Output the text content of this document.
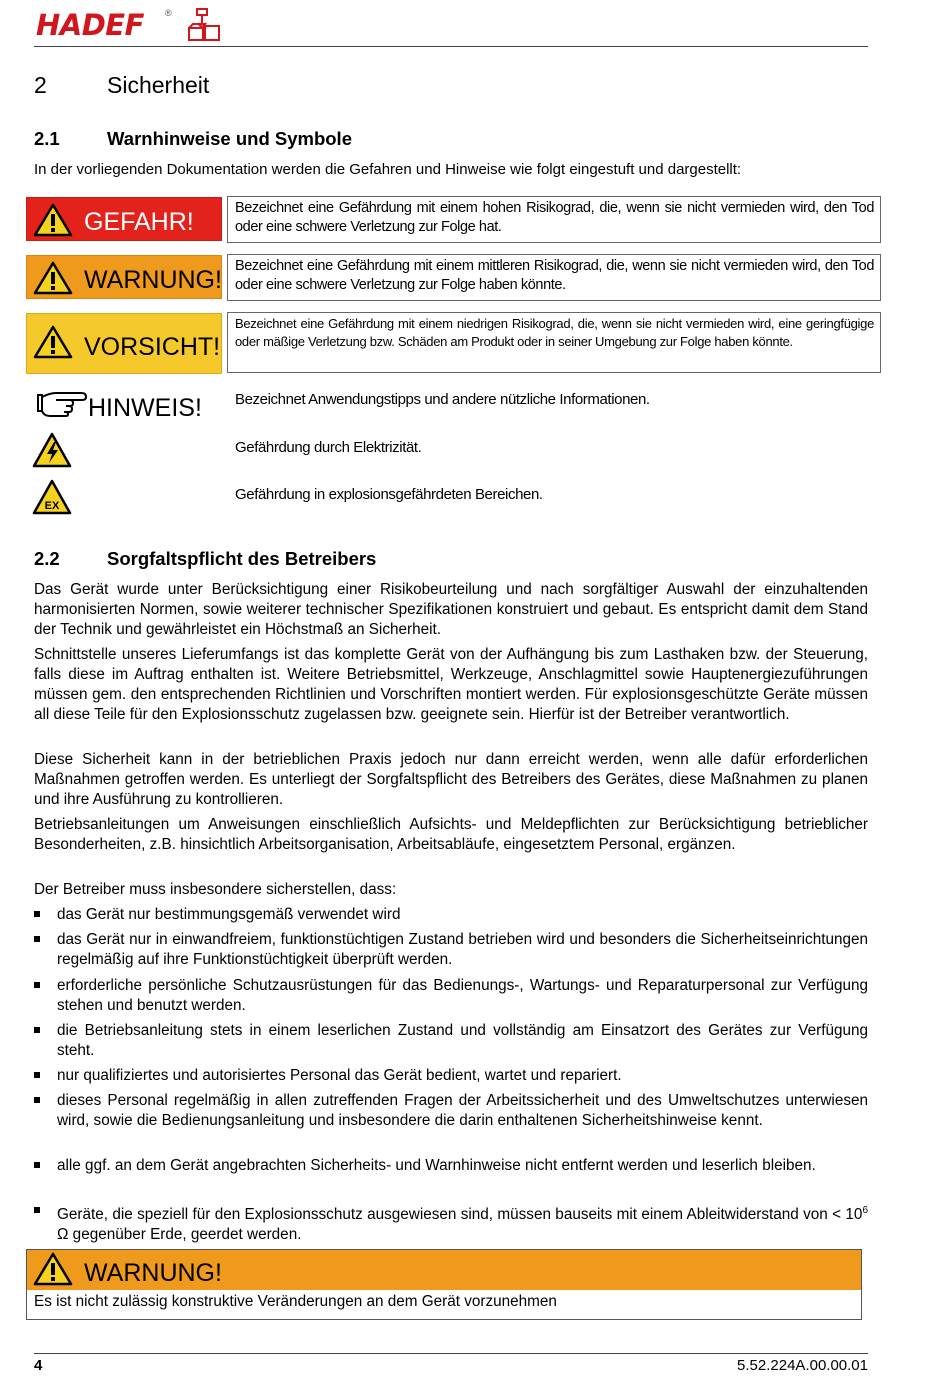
HADEF ®
2	Sicherheit
2.1	Warnhinweise und Symbole
In der vorliegenden Dokumentation werden die Gefahren und Hinweise wie folgt eingestuft und dargestellt:
GEFAHR!	Bezeichnet eine Gefährdung mit einem hohen Risikograd, die, wenn sie nicht vermieden wird, den Tod oder eine schwere Verletzung zur Folge hat.
WARNUNG! Bezeichnet eine Gefährdung mit einem mittleren Risikograd, die, wenn sie nicht vermieden wird, den Tod oder eine schwere Verletzung zur Folge haben könnte.
VORSICHT!
Bezeichnet eine Gefährdung mit einem niedrigen Risikograd, die, wenn sie nicht vermieden wird, eine geringfügige oder mäßige Verletzung bzw. Schäden am Produkt oder in seiner Umgebung zur Folge haben könnte.
HINWEIS! Bezeichnet Anwendungstipps und andere nützliche Informationen.
Gefährdung durch Elektrizität.
EX
Gefährdung in explosionsgefährdeten Bereichen.
2.2	Sorgfaltspflicht des Betreibers
Das Gerät wurde unter Berücksichtigung einer Risikobeurteilung und nach sorgfältiger Auswahl der einzuhaltenden harmonisierten Normen, sowie weiterer technischer Spezifikationen konstruiert und gebaut. Es entspricht damit dem Stand der Technik und gewährleistet ein Höchstmaß an Sicherheit.
Schnittstelle unseres Lieferumfangs ist das komplette Gerät von der Aufhängung bis zum Lasthaken bzw. der Steuerung, falls diese im Auftrag enthalten ist. Weitere Betriebsmittel, Werkzeuge, Anschlagmittel sowie Hauptenergiezuführungen müssen gem. den entsprechenden Richtlinien und Vorschriften montiert werden. Für explosionsgeschützte Geräte müssen all diese Teile für den Explosionsschutz zugelassen bzw. geeignete sein. Hierfür ist der Betreiber verantwortlich.
Diese Sicherheit kann in der betrieblichen Praxis jedoch nur dann erreicht werden, wenn alle dafür erforderlichen Maßnahmen getroffen werden. Es unterliegt der Sorgfaltspflicht des Betreibers des Gerätes, diese Maßnahmen zu planen und ihre Ausführung zu kontrollieren.
Betriebsanleitungen um Anweisungen einschließlich Aufsichts- und Meldepflichten zur Berücksichtigung betrieblicher Besonderheiten, z.B. hinsichtlich Arbeitsorganisation, Arbeitsabläufe, eingesetztem Personal, ergänzen.
Der Betreiber muss insbesondere sicherstellen, dass:
das Gerät nur bestimmungsgemäß verwendet wird
das Gerät nur in einwandfreiem, funktionstüchtigen Zustand betrieben wird und besonders die Sicherheitseinrichtungen regelmäßig auf ihre Funktionstüchtigkeit überprüft werden.
erforderliche persönliche Schutzausrüstungen für das Bedienungs-, Wartungs- und Reparaturpersonal zur Verfügung stehen und benutzt werden.
die Betriebsanleitung stets in einem leserlichen Zustand und vollständig am Einsatzort des Gerätes zur Verfügung steht.
nur qualifiziertes und autorisiertes Personal das Gerät bedient, wartet und repariert.
dieses Personal regelmäßig in allen zutreffenden Fragen der Arbeitssicherheit und des Umweltschutzes unterwiesen wird, sowie die Bedienungsanleitung und insbesondere die darin enthaltenen Sicherheitshinweise kennt.
alle ggf. an dem Gerät angebrachten Sicherheits- und Warnhinweise nicht entfernt werden und leserlich bleiben.
Geräte, die speziell für den Explosionsschutz ausgewiesen sind, müssen bauseits mit einem Ableitwiderstand von < $10^6$ Ω gegenüber Erde, geerdet werden.
WARNUNG!
Es ist nicht zulässig konstruktive Veränderungen an dem Gerät vorzunehmen
4	5.52.224A.00.00.01
